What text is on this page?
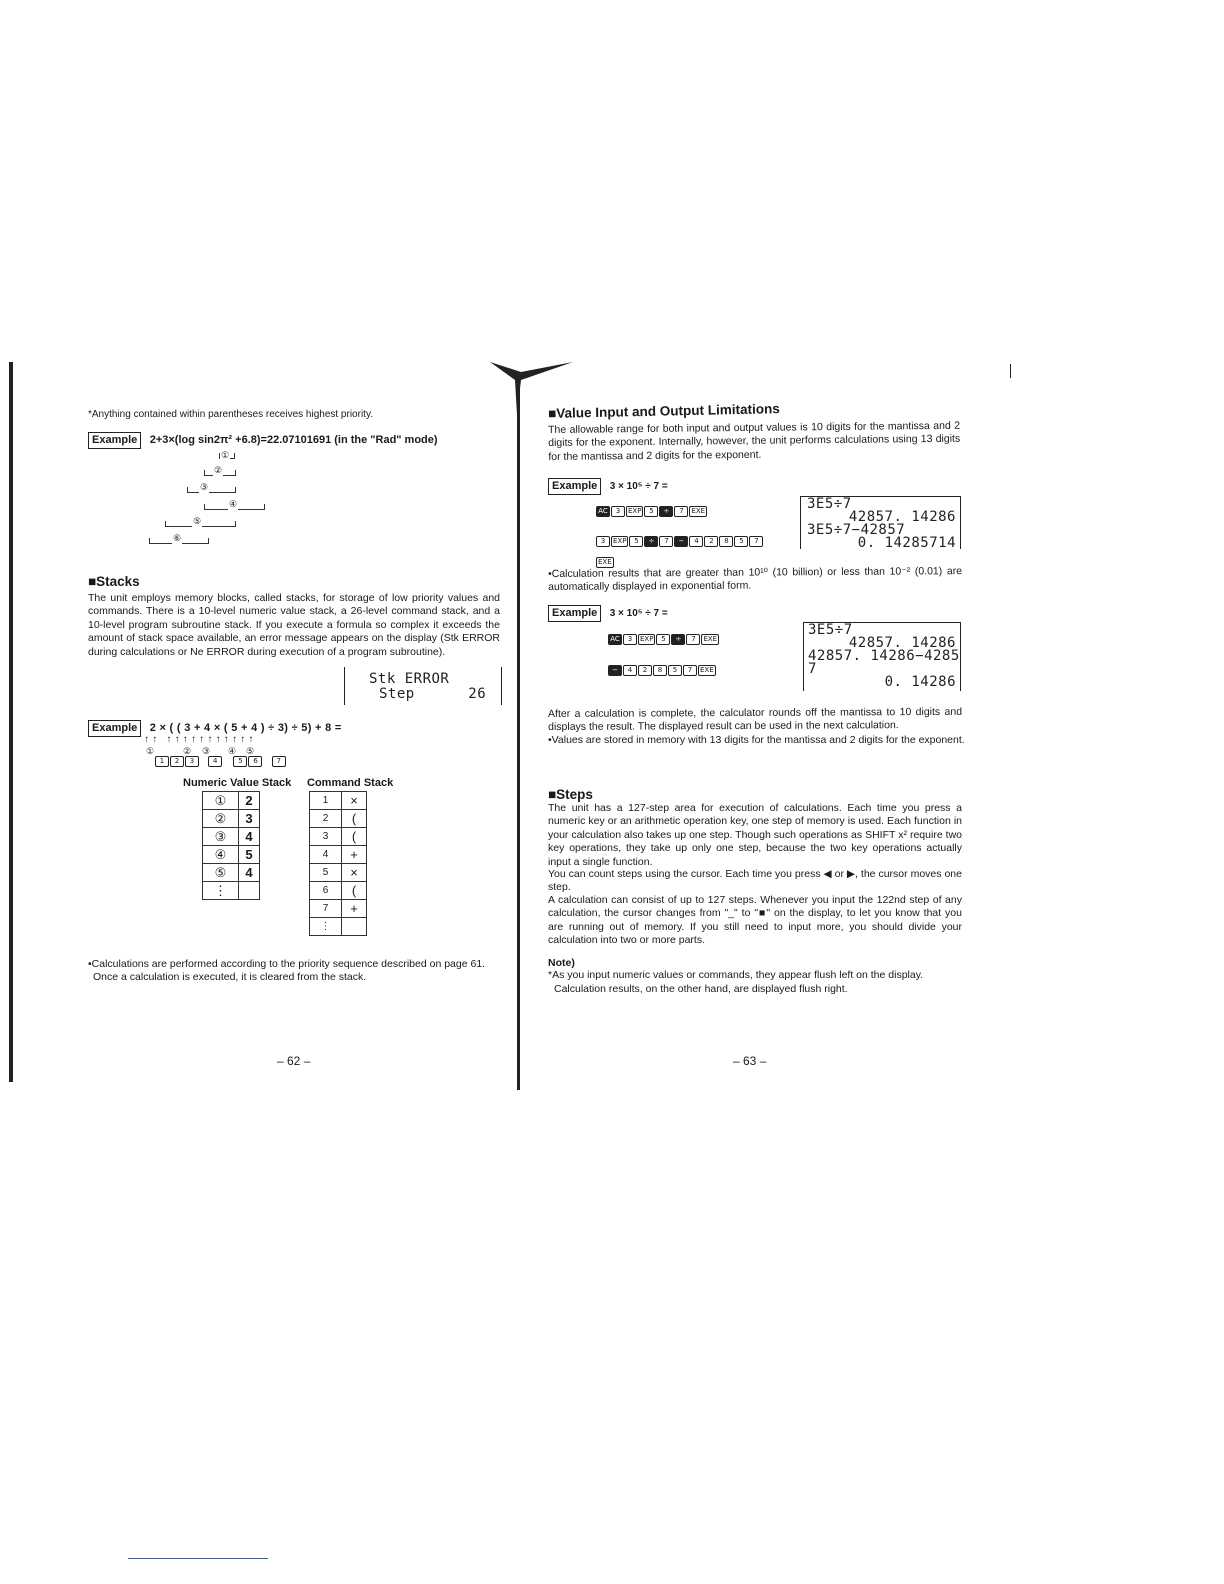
*Anything contained within parentheses receives highest priority.
Example 2+3×(log sin2π² +6.8)=22.07101691 (in the "Rad" mode)
①
②
③
④
⑤
⑥
■Stacks
The unit employs memory blocks, called stacks, for storage of low priority values and commands. There is a 10-level numeric value stack, a 26-level command stack, and a 10-level program subroutine stack. If you execute a formula so complex it exceeds the amount of stack space available, an error message appears on the display (Stk ERROR during calculations or Ne ERROR during execution of a program subroutine).
Stk ERROR
Step      26
Example 2 × ( ( 3 + 4 × ( 5 + 4 ) ÷ 3) ÷ 5) + 8 =
↑↑ ↑↑↑↑↑↑↑↑↑↑↑
①	② ③ ④ ⑤
1 2 3	4	5 6	7
Numeric Value Stack Command Stack
①	2
②	3
③	4
④	5
⑤	4
⋮	
1	×
2	(
3	(
4	+
5	×
6	(
7	+
⋮	
•Calculations are performed according to the priority sequence described on page 61.
Once a calculation is executed, it is cleared from the stack.
– 62 –
■Value Input and Output Limitations
The allowable range for both input and output values is 10 digits for the mantissa and 2 digits for the exponent. Internally, however, the unit performs calculations using 13 digits for the mantissa and 2 digits for the exponent.
Example 3 × 10⁵ ÷ 7 =
AC 3 EXP 5 ÷ 7 EXE
3 EXP 5 ÷ 7 − 4 2 8 5 7
EXE
3E5÷7
42857. 14286
3E5÷7−42857
0. 14285714
•Calculation results that are greater than 10¹⁰ (10 billion) or less than 10⁻² (0.01) are automatically displayed in exponential form.
Example 3 × 10⁵ ÷ 7 =
AC 3 EXP 5 ÷ 7 EXE
− 4 2 8 5 7 EXE
3E5÷7
42857. 14286
42857. 14286−4285
7
0. 14286
After a calculation is complete, the calculator rounds off the mantissa to 10 digits and displays the result. The displayed result can be used in the next calculation.
•Values are stored in memory with 13 digits for the mantissa and 2 digits for the exponent.
■Steps
The unit has a 127-step area for execution of calculations. Each time you press a numeric key or an arithmetic operation key, one step of memory is used. Each function in your calculation also takes up one step. Though such operations as SHIFT x² require two key operations, they take up only one step, because the two key operations actually input a single function.
You can count steps using the cursor. Each time you press ◀ or ▶, the cursor moves one step.
A calculation can consist of up to 127 steps. Whenever you input the 122nd step of any calculation, the cursor changes from "_" to "■" on the display, to let you know that you are running out of memory. If you still need to input more, you should divide your calculation into two or more parts.
Note)
*As you input numeric values or commands, they appear flush left on the display.
Calculation results, on the other hand, are displayed flush right.
– 63 –
